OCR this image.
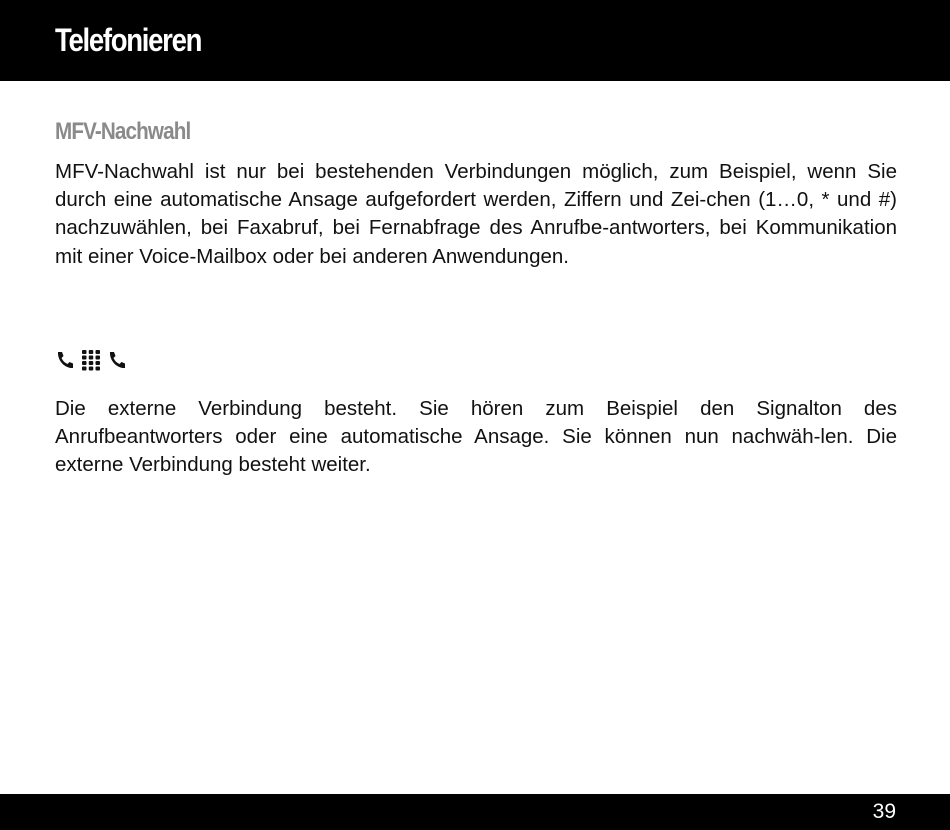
Telefonieren
MFV-Nachwahl

MFV-Nachwahl ist nur bei bestehenden Verbindungen möglich, zum Beispiel, wenn Sie durch eine automatische Ansage aufgefordert werden, Ziffern und Zei-chen (1…0, * und #) nachzuwählen, bei Faxabruf, bei Fernabfrage des Anrufbe-antworters, bei Kommunikation mit einer Voice-Mailbox oder bei anderen Anwendungen.

Die externe Verbindung besteht. Sie hören zum Beispiel den Signalton des Anrufbeantworters oder eine automatische Ansage. Sie können nun nachwäh-len. Die externe Verbindung besteht weiter.

39
